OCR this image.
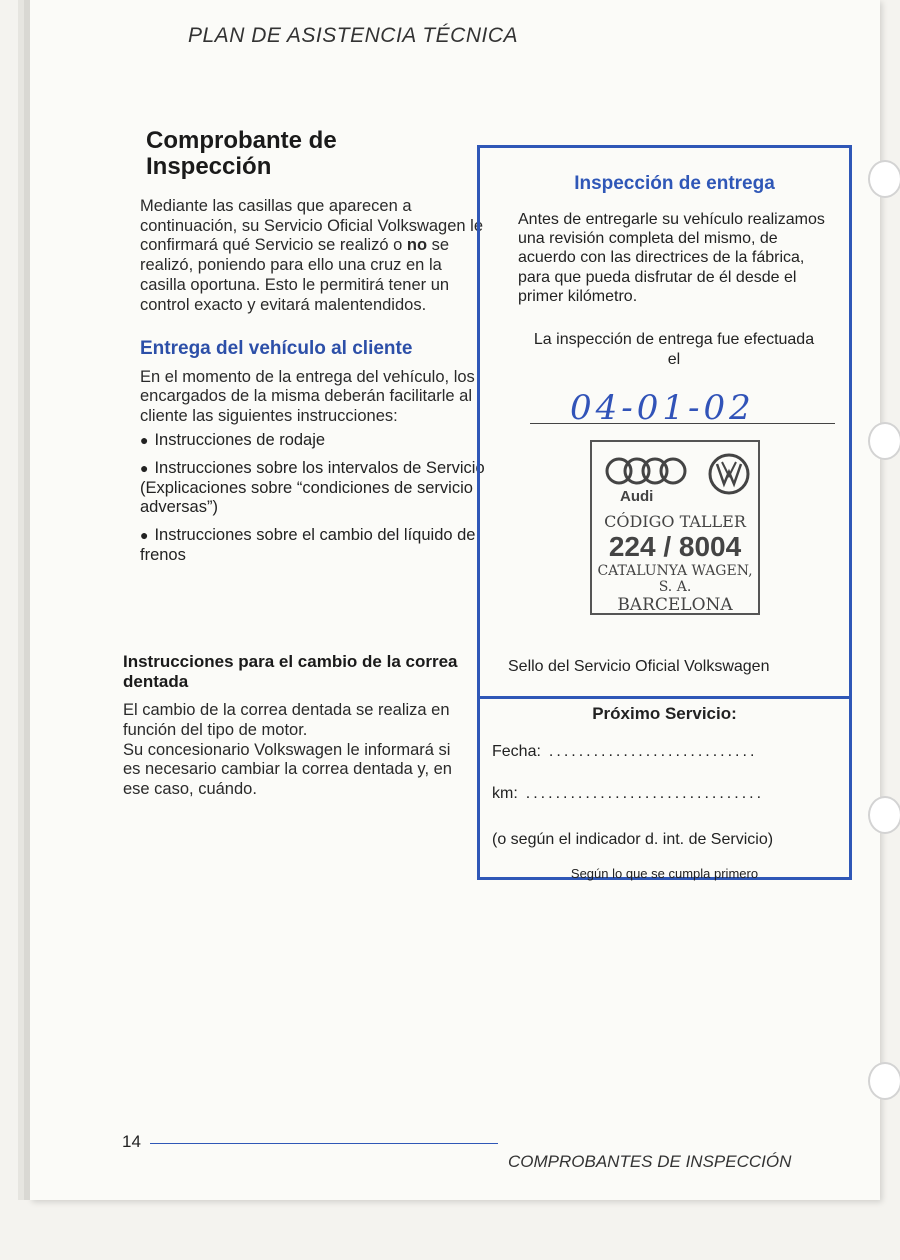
PLAN DE ASISTENCIA TÉCNICA
Comprobante de
Inspección

Mediante las casillas que aparecen a continuación, su Servicio Oficial Volkswagen le confirmará qué Servicio se realizó o no se realizó, poniendo para ello una cruz en la casilla oportuna. Esto le permitirá tener un control exacto y evitará malentendidos.

Entrega del vehículo al cliente

En el momento de la entrega del vehículo, los encargados de la misma deberán facilitarle al cliente las siguientes instrucciones:

● Instrucciones de rodaje
● Instrucciones sobre los intervalos de Servicio (Explicaciones sobre “condiciones de servicio adversas”)
● Instrucciones sobre el cambio del líquido de frenos
Instrucciones para el cambio de la correa dentada

El cambio de la correa dentada se realiza en función del tipo de motor.

Su concesionario Volkswagen le informará si es necesario cambiar la correa dentada y, en ese caso, cuándo.

Inspección de entrega
Antes de entregarle su vehículo realizamos una revisión completa del mismo, de acuerdo con las directrices de la fábrica, para que pueda disfrutar de él desde el primer kilómetro.
La inspección de entrega fue efectuada
el
04-01-02
Audi
CÓDIGO TALLER
224 / 8004
CATALUNYA WAGEN, S. A.
BARCELONA
Sello del Servicio Oficial Volkswagen
Próximo Servicio:
Fecha: ............................
km: ................................
(o según el indicador d. int. de Servicio)
Según lo que se cumpla primero
14
COMPROBANTES DE INSPECCIÓN
